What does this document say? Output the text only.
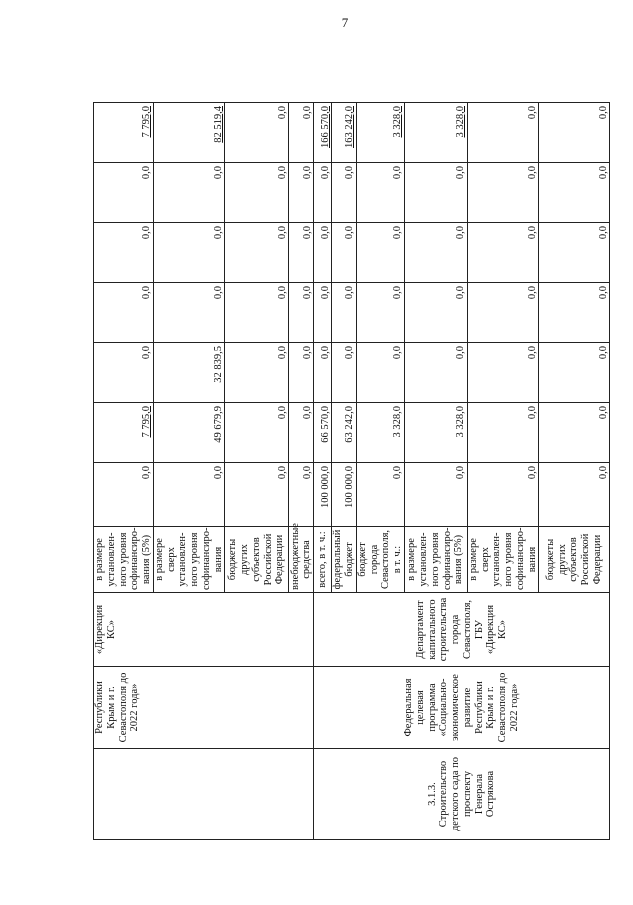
7
	Республики Крым и г. Севастополя до 2022 года»	«Дирекция КС»	в размере установлен-ного уровня софинансиро-вания (5%)	0,0	7 795,0	0,0	0,0	0,0	0,0	7 795,0
			в размере сверх установлен-ного уровня софинансиро-вания	0,0	49 679,9	32 839,5	0,0	0,0	0,0	82 519,4
			бюджеты других субъектов Российской Федерации	0,0	0,0	0,0	0,0	0,0	0,0	0,0
			внебюджетные средства	0,0	0,0	0,0	0,0	0,0	0,0	0,0
3.1.3. Строительство детского сада по проспекту Генерала Острякова	Федеральная целевая программа «Социально-экономическое развитие Республики Крым и г. Севастополя до 2022 года»	Департамент капитального строительства города Севастополя, ГБУ «Дирекция КС»	всего, в т. ч.:	100 000,0	66 570,0	0,0	0,0	0,0	0,0	166 570,0
			федеральный бюджет	100 000,0	63 242,0	0,0	0,0	0,0	0,0	163 242,0
			бюджет города Севастополя, в т. ч.:	0,0	3 328,0	0,0	0,0	0,0	0,0	3 328,0
			в размере установлен-ного уровня софинансиро-вания (5%)	0,0	3 328,0	0,0	0,0	0,0	0,0	3 328,0
			в размере сверх установлен-ного уровня софинансиро-вания	0,0	0,0	0,0	0,0	0,0	0,0	0,0
			бюджеты других субъектов Российской Федерации	0,0	0,0	0,0	0,0	0,0	0,0	0,0
